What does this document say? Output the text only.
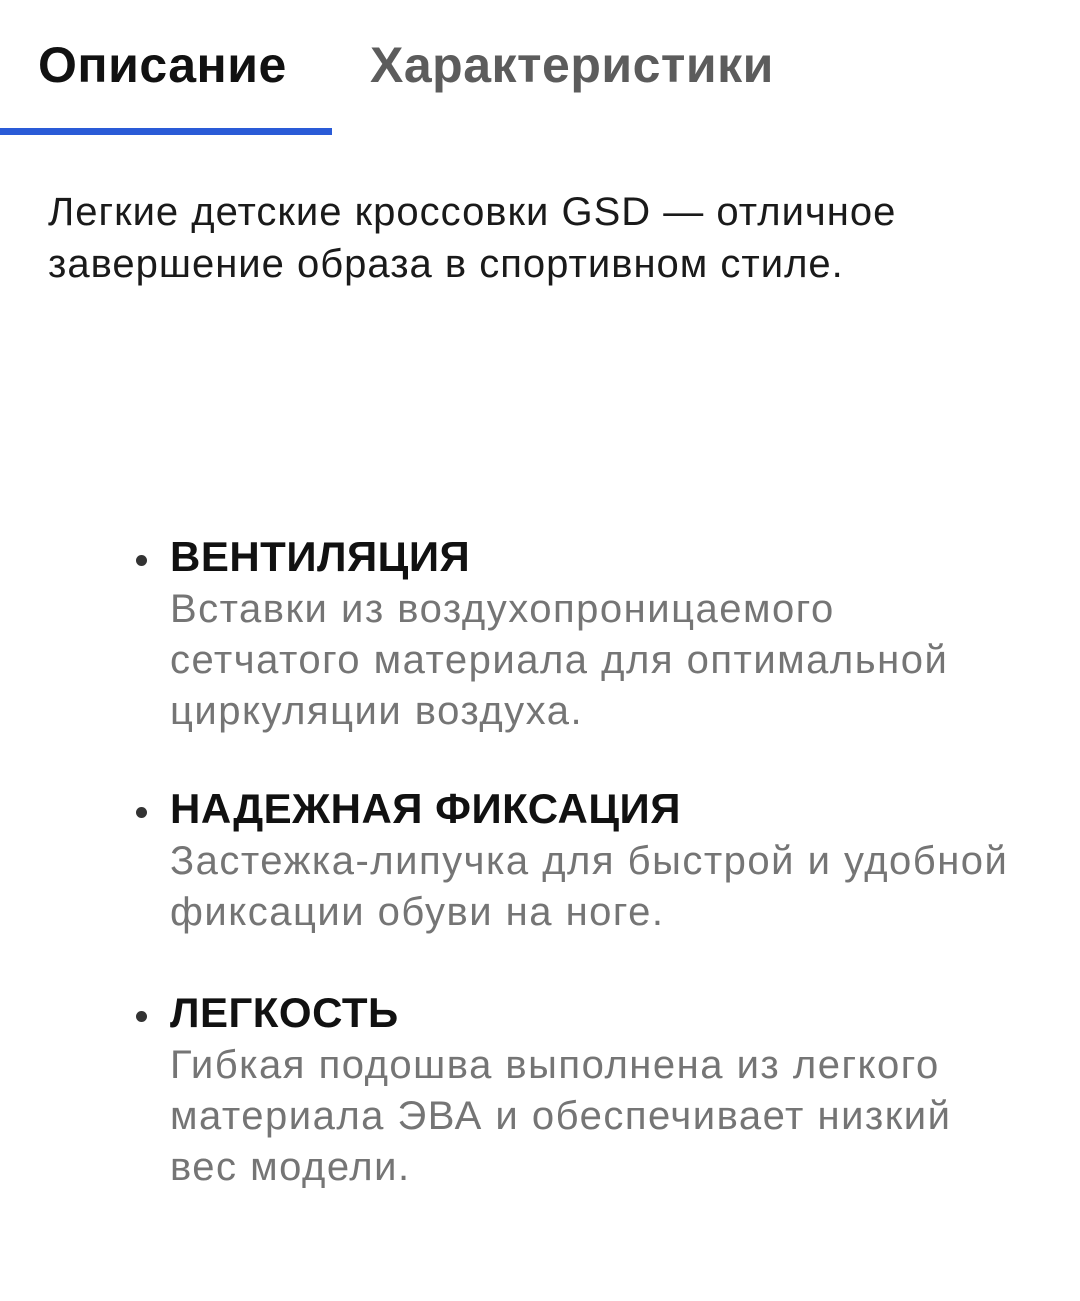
Описание Характеристики
Легкие детские кроссовки GSD — отличное завершение образа в спортивном стиле.
ВЕНТИЛЯЦИЯ
Вставки из воздухопроницаемого сетчатого материала для оптимальной циркуляции воздуха.
НАДЕЖНАЯ ФИКСАЦИЯ
Застежка-липучка для быстрой и удобной фиксации обуви на ноге.
ЛЕГКОСТЬ
Гибкая подошва выполнена из легкого материала ЭВА и обеспечивает низкий вес модели.
